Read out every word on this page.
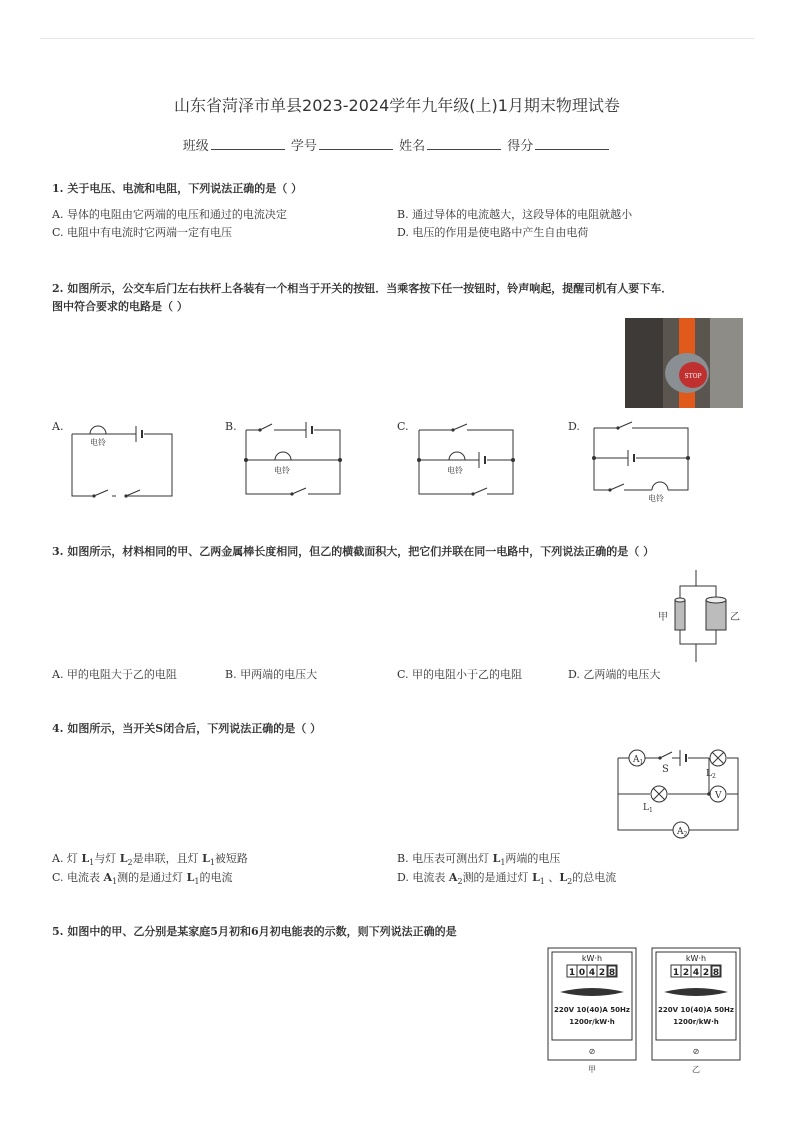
山东省菏泽市单县2023-2024学年九年级(上)1月期末物理试卷
班级	学号	姓名	得分
1. 关于电压、电流和电阻，下列说法正确的是（ ）
A. 导体的电阻由它两端的电压和通过的电流决定	B. 通过导体的电流越大，这段导体的电阻就越小
C. 电阻中有电流时它两端一定有电压	D. 电压的作用是使电路中产生自由电荷
2. 如图所示，公交车后门左右扶杆上各装有一个相当于开关的按钮．当乘客按下任一按钮时，铃声响起，提醒司机有人要下车．
图中符合要求的电路是（ ）
STOP
A.	B.	C.	D.
电铃
电铃	电铃
电铃
3. 如图所示，材料相同的甲、乙两金属棒长度相同，但乙的横截面积大，把它们并联在同一电路中，下列说法正确的是（ ）
甲	乙
A. 甲的电阻大于乙的电阻	B. 甲两端的电压大	C. 甲的电阻小于乙的电阻	D. 乙两端的电压大
4. 如图所示，当开关S闭合后，下列说法正确的是（ ）
$A_1$
$A_2$
V
S	$L_2$
$L_1$
A. 灯 $L_1$与灯 $L_2$是串联，且灯 $L_1$被短路	B. 电压表可测出灯 $L_1$两端的电压
C. 电流表 $A_1$测的是通过灯 $L_1$的电流	D. 电流表 $A_2$测的是通过灯 $L_1$ 、$L_2$的总电流
5. 如图中的甲、乙分别是某家庭5月初和6月初电能表的示数，则下列说法正确的是
kW·h
1 0 4 2 8
220V 10(40)A 50Hz
1200r/kW·h
⊘
甲
kW·h
1 2 4 2 8
220V 10(40)A 50Hz
1200r/kW·h
⊘
乙
